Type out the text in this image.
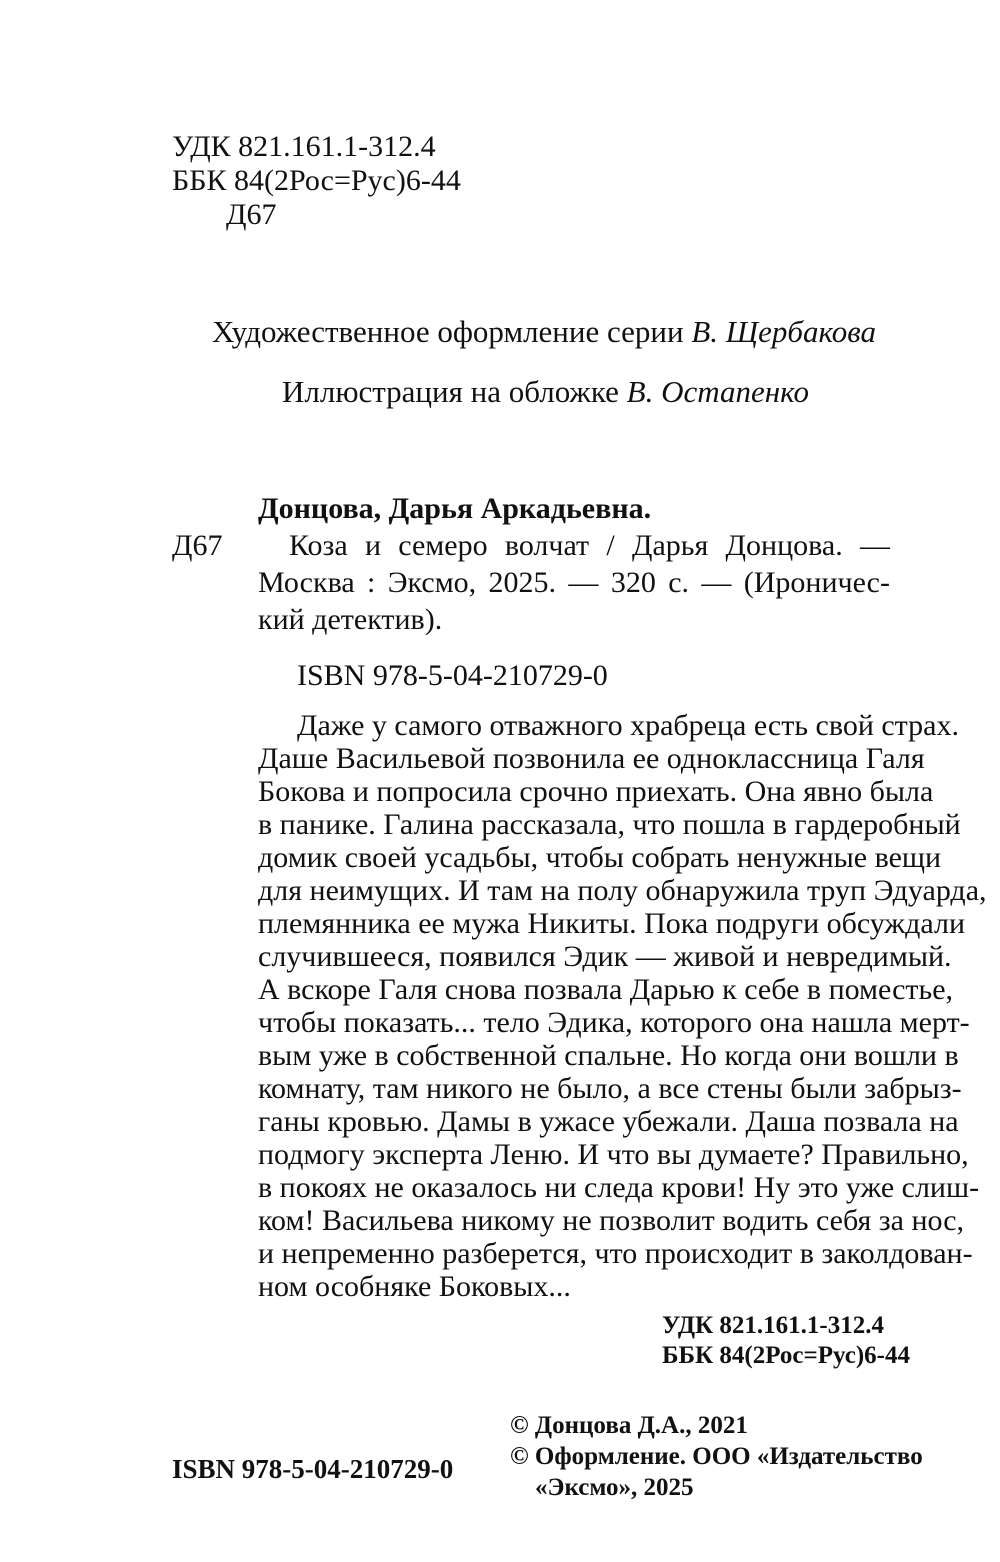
УДК 821.161.1-312.4
ББК 84(2Рос=Рус)6-44
Д67
Художественное оформление серии В. Щербакова
Иллюстрация на обложке В. Остапенко
Донцова, Дарья Аркадьевна.
Д67 Коза и семеро волчат / Дарья Донцова. —
Москва : Эксмо, 2025. — 320 с. — (Ироничес-
кий детектив).
ISBN 978-5-04-210729-0
Даже у самого отважного храбреца есть свой страх.
Даше Васильевой позвонила ее одноклассница Галя
Бокова и попросила срочно приехать. Она явно была
в панике. Галина рассказала, что пошла в гардеробный
домик своей усадьбы, чтобы собрать ненужные вещи
для неимущих. И там на полу обнаружила труп Эдуарда,
племянника ее мужа Никиты. Пока подруги обсуждали
случившееся, появился Эдик — живой и невредимый.
А вскоре Галя снова позвала Дарью к себе в поместье,
чтобы показать... тело Эдика, которого она нашла мерт-
вым уже в собственной спальне. Но когда они вошли в
комнату, там никого не было, а все стены были забрыз-
ганы кровью. Дамы в ужасе убежали. Даша позвала на
подмогу эксперта Леню. И что вы думаете? Правильно,
в покоях не оказалось ни следа крови! Ну это уже слиш-
ком! Васильева никому не позволит водить себя за нос,
и непременно разберется, что происходит в заколдован-
ном особняке Боковых...
УДК 821.161.1-312.4
ББК 84(2Рос=Рус)6-44
© Донцова Д.А., 2021
© Оформление. ООО «Издательство
«Эксмо», 2025
ISBN 978-5-04-210729-0
